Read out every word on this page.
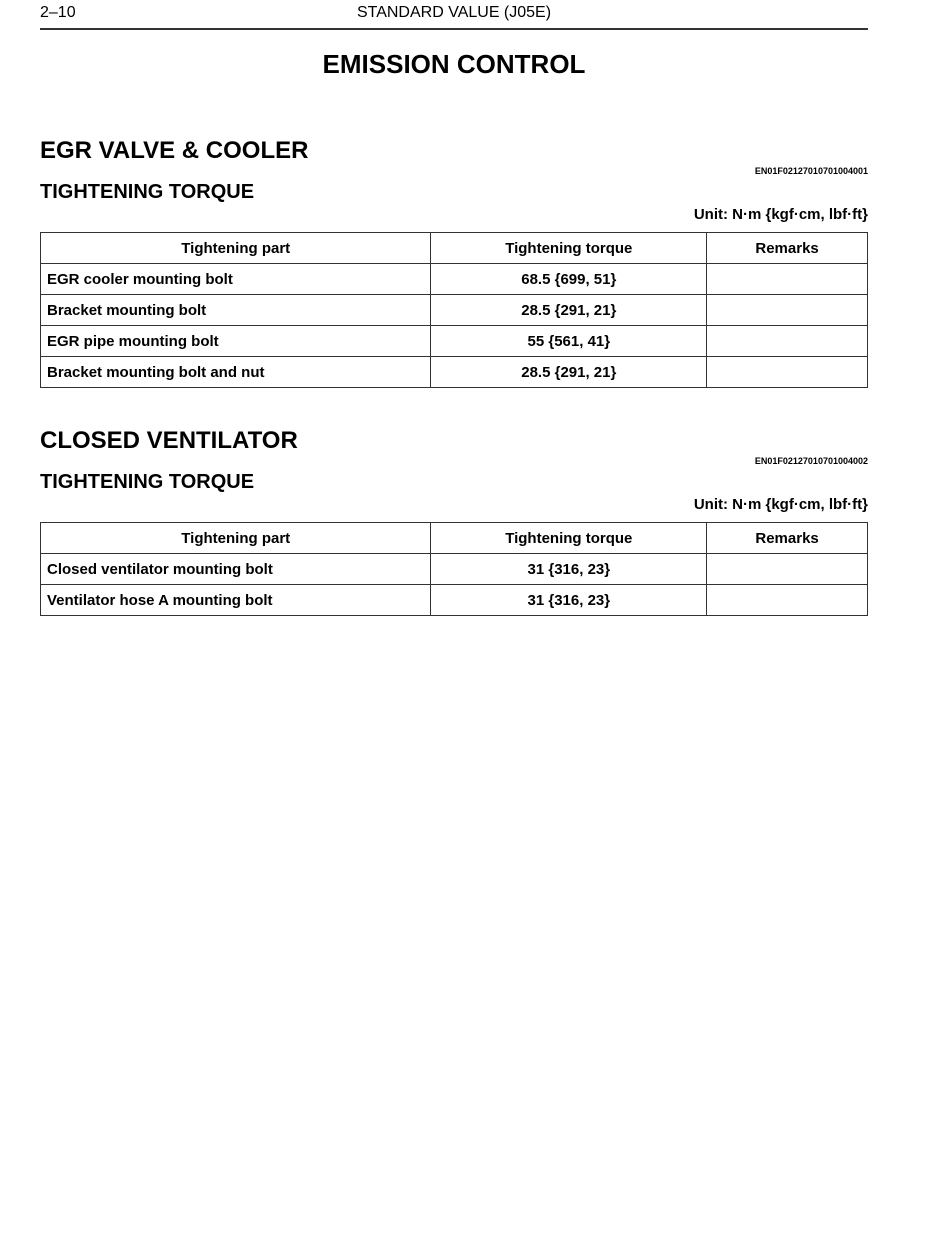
2–10	STANDARD VALUE (J05E)
EMISSION CONTROL
EGR VALVE & COOLER
EN01F02127010701004001
TIGHTENING TORQUE
Unit: N·m {kgf·cm, lbf·ft}
Tightening part	Tightening torque	Remarks
EGR cooler mounting bolt	68.5 {699, 51}	
Bracket mounting bolt	28.5 {291, 21}	
EGR pipe mounting bolt	55 {561, 41}	
Bracket mounting bolt and nut	28.5 {291, 21}	
CLOSED VENTILATOR
EN01F02127010701004002
TIGHTENING TORQUE
Unit: N·m {kgf·cm, lbf·ft}
Tightening part	Tightening torque	Remarks
Closed ventilator mounting bolt	31 {316, 23}	
Ventilator hose A mounting bolt	31 {316, 23}	
